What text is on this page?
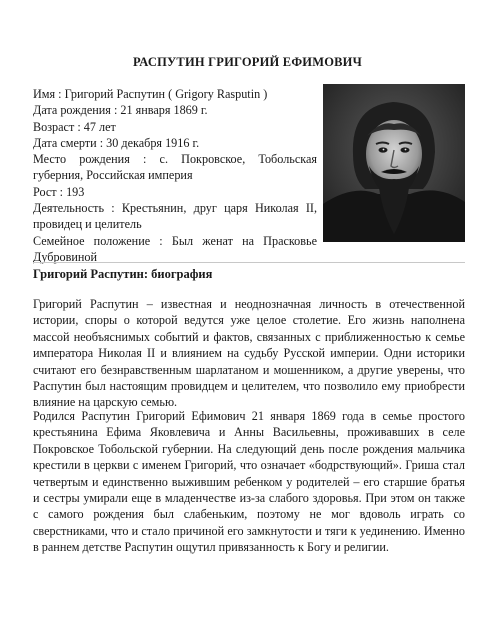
РАСПУТИН ГРИГОРИЙ ЕФИМОВИЧ
Имя : Григорий Распутин ( Grigory Rasputin )
Дата рождения : 21 января 1869 г.
Возраст : 47 лет
Дата смерти : 30 декабря 1916 г.
Место рождения : с. Покровское, Тобольская губерния, Российская империя
Рост : 193
Деятельность : Крестьянин, друг царя Николая II, провидец и целитель
Семейное положение : Был женат на Прасковье Дубровиной
Григорий Распутин: биография

Григорий Распутин – известная и неоднозначная личность в отечественной истории, споры о которой ведутся уже целое столетие. Его жизнь наполнена массой необъяснимых событий и фактов, связанных с приближенностью к семье императора Николая II и влиянием на судьбу Русской империи. Одни историки считают его безнравственным шарлатаном и мошенником, а другие уверены, что Распутин был настоящим провидцем и целителем, что позволило ему приобрести влияние на царскую семью.

Родился Распутин Григорий Ефимович 21 января 1869 года в семье простого крестьянина Ефима Яковлевича и Анны Васильевны, проживавших в селе Покровское Тобольской губернии. На следующий день после рождения мальчика крестили в церкви с именем Григорий, что означает «бодрствующий». Гриша стал четвертым и единственно выжившим ребенком у родителей – его старшие братья и сестры умирали еще в младенчестве из-за слабого здоровья. При этом он также с самого рождения был слабеньким, поэтому не мог вдоволь играть со сверстниками, что и стало причиной его замкнутости и тяги к уединению. Именно в раннем детстве Распутин ощутил привязанность к Богу и религии.
